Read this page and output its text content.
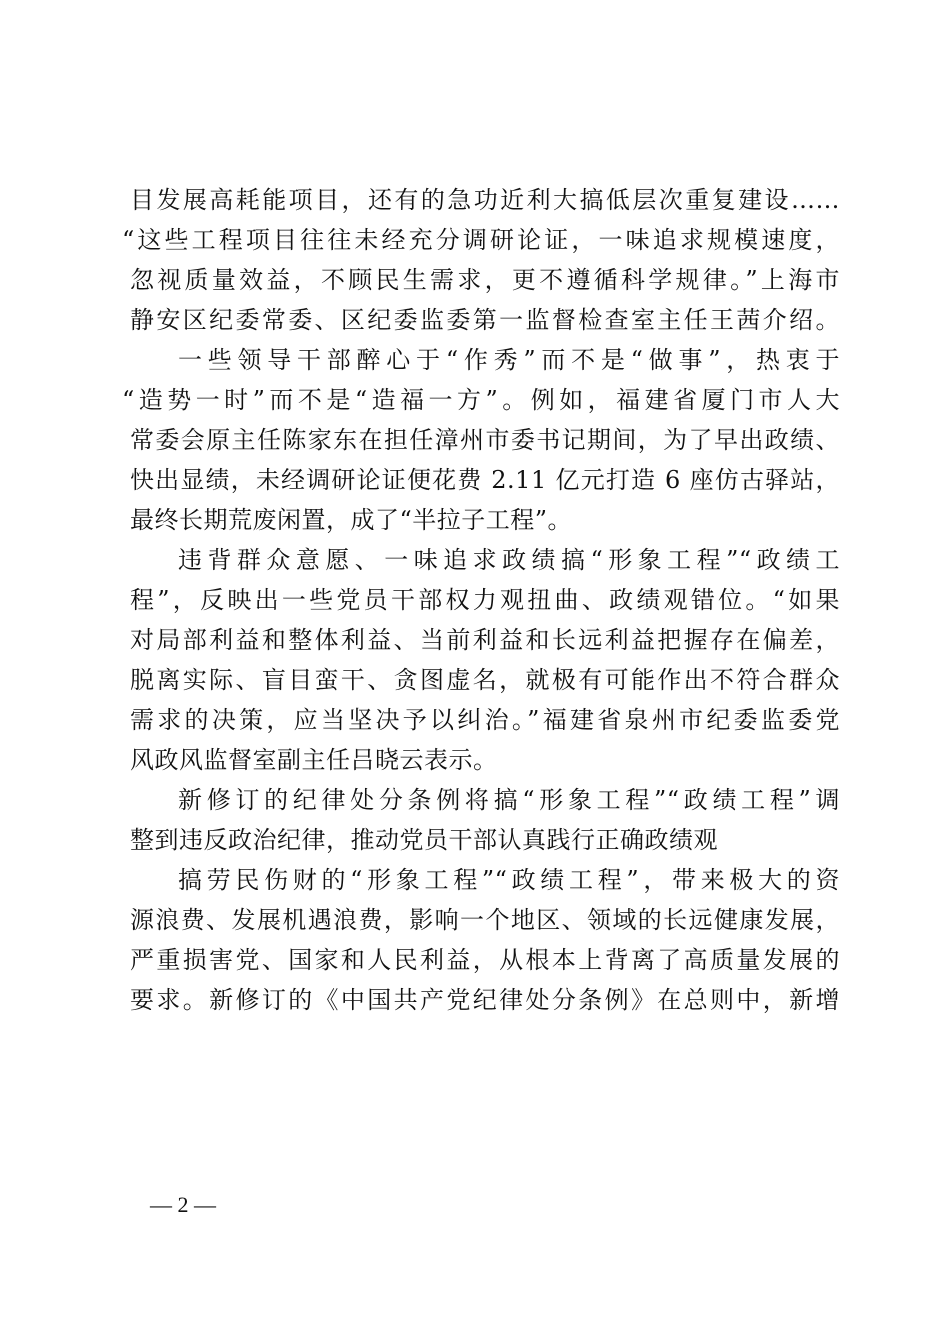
目发展高耗能项目，还有的急功近利大搞低层次重复建设……
“这些工程项目往往未经充分调研论证，一味追求规模速度，
忽视质量效益，不顾民生需求，更不遵循科学规律。”上海市
静安区纪委常委、区纪委监委第一监督检查室主任王茜介绍。
一些领导干部醉心于“作秀”而不是“做事”，热衷于
“造势一时”而不是“造福一方”。例如，福建省厦门市人大
常委会原主任陈家东在担任漳州市委书记期间，为了早出政绩、
快出显绩，未经调研论证便花费 2.11 亿元打造 6 座仿古驿站，
最终长期荒废闲置，成了“半拉子工程”。
违背群众意愿、一味追求政绩搞“形象工程”“政绩工
程”，反映出一些党员干部权力观扭曲、政绩观错位。“如果
对局部利益和整体利益、当前利益和长远利益把握存在偏差，
脱离实际、盲目蛮干、贪图虚名，就极有可能作出不符合群众
需求的决策，应当坚决予以纠治。”福建省泉州市纪委监委党
风政风监督室副主任吕晓云表示。
新修订的纪律处分条例将搞“形象工程”“政绩工程”调
整到违反政治纪律，推动党员干部认真践行正确政绩观
搞劳民伤财的“形象工程”“政绩工程”，带来极大的资
源浪费、发展机遇浪费，影响一个地区、领域的长远健康发展，
严重损害党、国家和人民利益，从根本上背离了高质量发展的
要求。新修订的《中国共产党纪律处分条例》在总则中，新增
— 2 —
